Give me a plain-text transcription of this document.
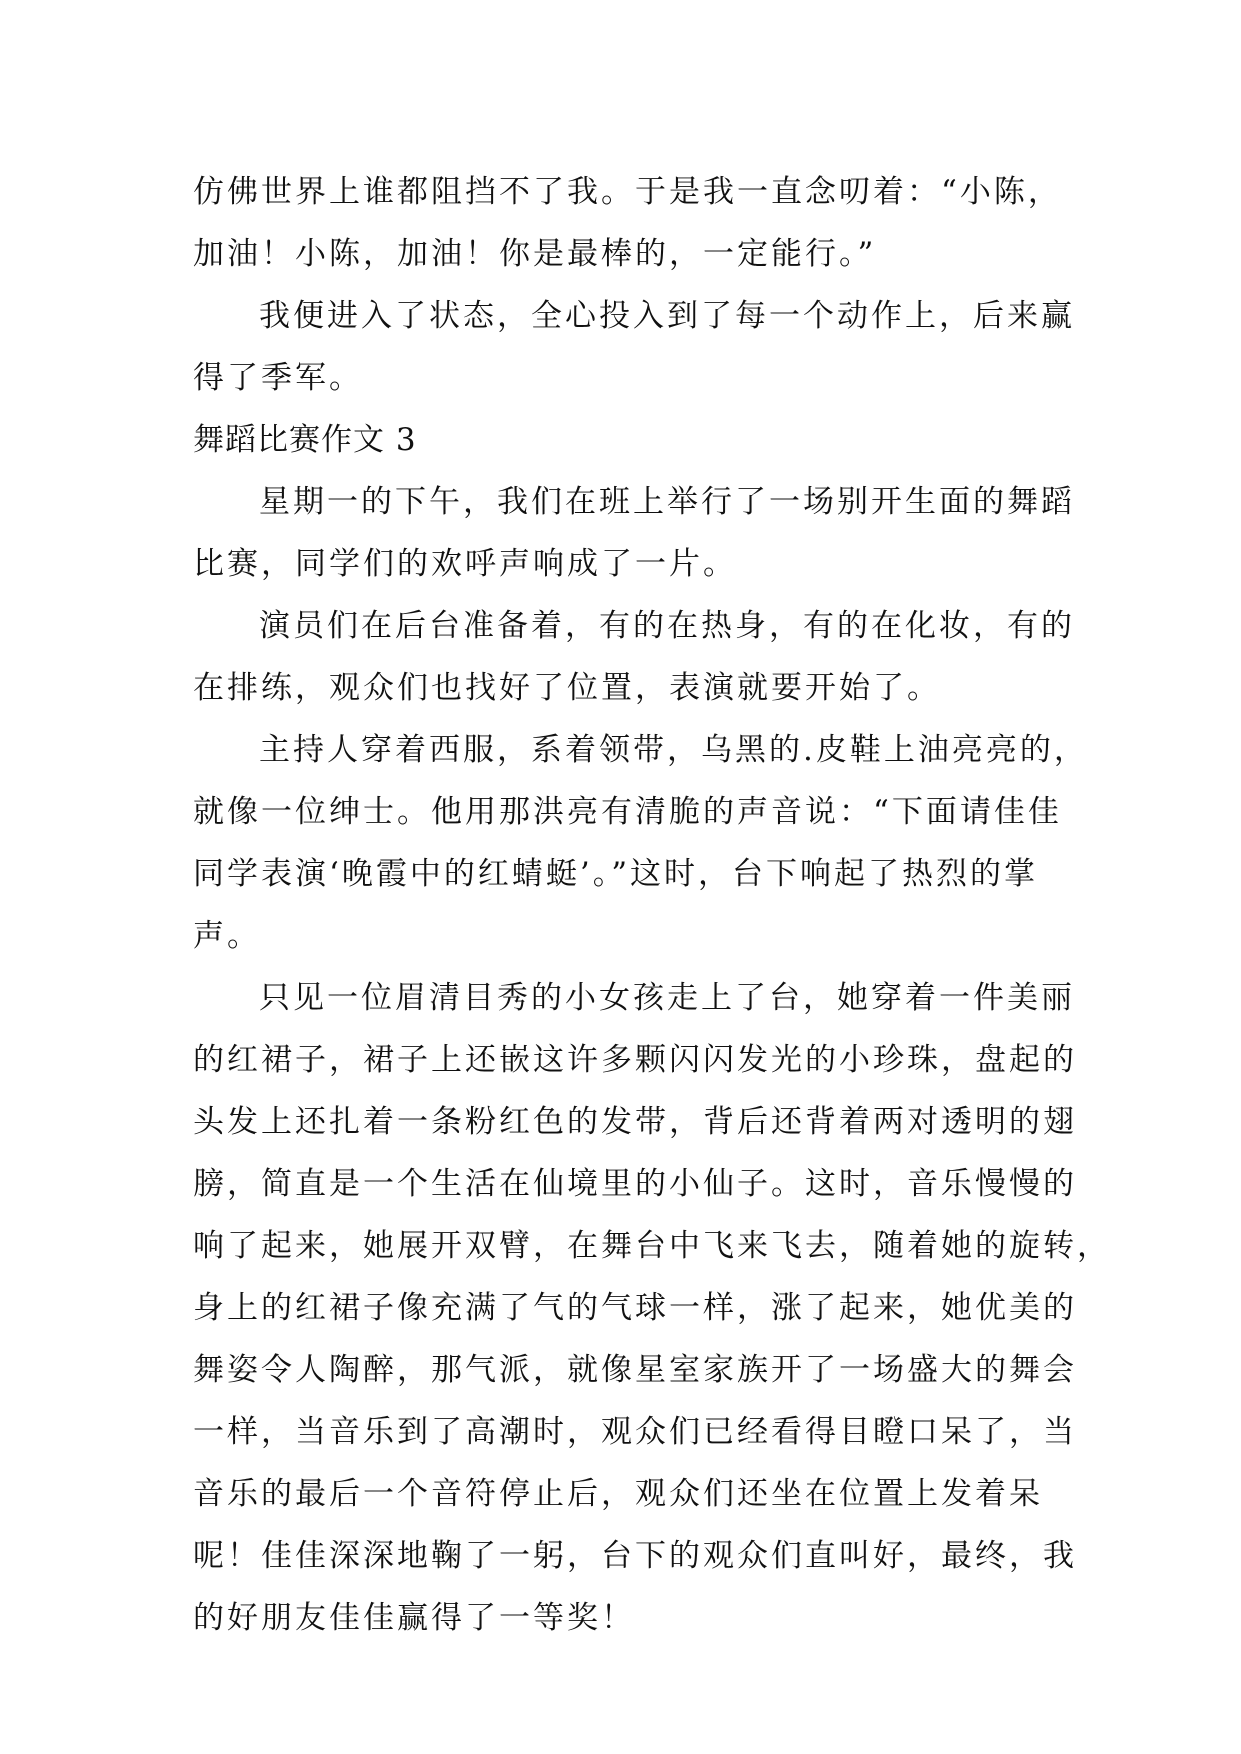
仿佛世界上谁都阻挡不了我。于是我一直念叨着：“小陈，
加油！小陈，加油！你是最棒的，一定能行。”
我便进入了状态，全心投入到了每一个动作上，后来赢
得了季军。
舞蹈比赛作文 3
星期一的下午，我们在班上举行了一场别开生面的舞蹈
比赛，同学们的欢呼声响成了一片。
演员们在后台准备着，有的在热身，有的在化妆，有的
在排练，观众们也找好了位置，表演就要开始了。
主持人穿着西服，系着领带，乌黑的.皮鞋上油亮亮的，
就像一位绅士。他用那洪亮有清脆的声音说：“下面请佳佳
同学表演‘晚霞中的红蜻蜓’。”这时，台下响起了热烈的掌
声。
只见一位眉清目秀的小女孩走上了台，她穿着一件美丽
的红裙子，裙子上还嵌这许多颗闪闪发光的小珍珠，盘起的
头发上还扎着一条粉红色的发带，背后还背着两对透明的翅
膀，简直是一个生活在仙境里的小仙子。这时，音乐慢慢的
响了起来，她展开双臂，在舞台中飞来飞去，随着她的旋转，
身上的红裙子像充满了气的气球一样，涨了起来，她优美的
舞姿令人陶醉，那气派，就像星室家族开了一场盛大的舞会
一样，当音乐到了高潮时，观众们已经看得目瞪口呆了，当
音乐的最后一个音符停止后，观众们还坐在位置上发着呆
呢！佳佳深深地鞠了一躬，台下的观众们直叫好，最终，我
的好朋友佳佳赢得了一等奖！
